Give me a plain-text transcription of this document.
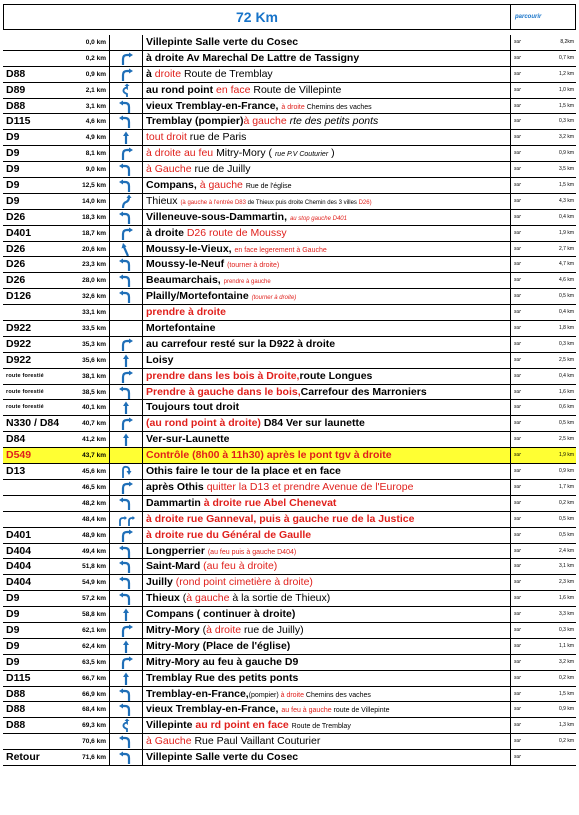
72 Km	parcourir
0,0 km	Villepinte Salle verte du Cosec	sur	8,2km
0,2 km	à droite Av Marechal De Lattre de Tassigny	sur	0,7 km
D88	0,9 km	à droite Route de Tremblay	sur	1,2 km
D89	2,1 km	au rond point en face Route de Villepinte	sur	1,0 km
D88	3,1 km	vieux Tremblay-en-France, à droite Chemins des vaches	sur	1,5 km
D115	4,6 km	Tremblay (pompier)à gauche rte des petits ponts	sur	0,3 km
D9	4,9 km	tout droit rue de Paris	sur	3,2 km
D9	8,1 km	à droite au feu Mitry-Mory ( rue P.V Couturier )	sur	0,9 km
D9	9,0 km	à Gauche rue de Juilly	sur	3,5 km
D9	12,5 km	Compans, à gauche Rue de l'église	sur	1,5 km
D9	14,0 km	Thieux (à gauche à l'entrée D83 de Thieux puis droite Chemin des 3 villes D26)	sur	4,3 km
D26	18,3 km	Villeneuve-sous-Dammartin, au stop gauche D401	sur	0,4 km
D401	18,7 km	à droite D26 route de Moussy	sur	1,9 km
D26	20,6 km	Moussy-le-Vieux, en face legerement à Gauche	sur	2,7 km
D26	23,3 km	Moussy-le-Neuf (tourner à droite)	sur	4,7 km
D26	28,0 km	Beaumarchais, prendre à gauche	sur	4,6 km
D126	32,6 km	Plailly/Mortefontaine (tourner à droite)	sur	0,5 km
33,1 km	prendre à droite	sur	0,4 km
D922	33,5 km	Mortefontaine	sur	1,8 km
D922	35,3 km	au carrefour resté sur la D922 à droite	sur	0,3 km
D922	35,6 km	Loisy	sur	2,5 km
route forestié	38,1 km	prendre dans les bois à Droite,route Longues	sur	0,4 km
route forestié	38,5 km	Prendre à gauche dans le bois,Carrefour des Marroniers	sur	1,6 km
route forestié	40,1 km	Toujours tout droit	sur	0,6 km
N330 / D84	40,7 km	(au rond point à droite) D84 Ver sur launette	sur	0,5 km
D84	41,2 km	Ver-sur-Launette	sur	2,5 km
D549	43,7 km	Contrôle (8h00 à 11h30) après le pont tgv à droite	sur	1,9 km
D13	45,6 km	Othis faire le tour de la place et en face	sur	0,9 km
46,5 km	après Othis quitter la D13 et prendre Avenue de l'Europe	sur	1,7 km
48,2 km	Dammartin à droite rue Abel Chenevat	sur	0,2 km
48,4 km	à droite rue Ganneval, puis à gauche rue de la Justice	sur	0,5 km
D401	48,9 km	à droite rue du Général de Gaulle	sur	0,5 km
D404	49,4 km	Longperrier (au feu puis à gauche D404)	sur	2,4 km
D404	51,8 km	Saint-Mard (au feu à droite)	sur	3,1 km
D404	54,9 km	Juilly (rond point cimetière à droite)	sur	2,3 km
D9	57,2 km	Thieux (à gauche à la sortie de Thieux)	sur	1,6 km
D9	58,8 km	Compans ( continuer à droite)	sur	3,3 km
D9	62,1 km	Mitry-Mory (à droite rue de Juilly)	sur	0,3 km
D9	62,4 km	Mitry-Mory (Place de l'église)	sur	1,1 km
D9	63,5 km	Mitry-Mory au feu à gauche D9	sur	3,2 km
D115	66,7 km	Tremblay Rue des petits ponts	sur	0,2 km
D88	66,9 km	Tremblay-en-France,(pompier) à droite Chemins des vaches	sur	1,5 km
D88	68,4 km	vieux Tremblay-en-France, au feu à gauche route de Villepinte	sur	0,9 km
D88	69,3 km	Villepinte au rd point en face Route de Tremblay	sur	1,3 km
70,6 km	à Gauche Rue Paul Vaillant Couturier	sur	0,2 km
Retour	71,6 km	Villepinte Salle verte du Cosec	sur
